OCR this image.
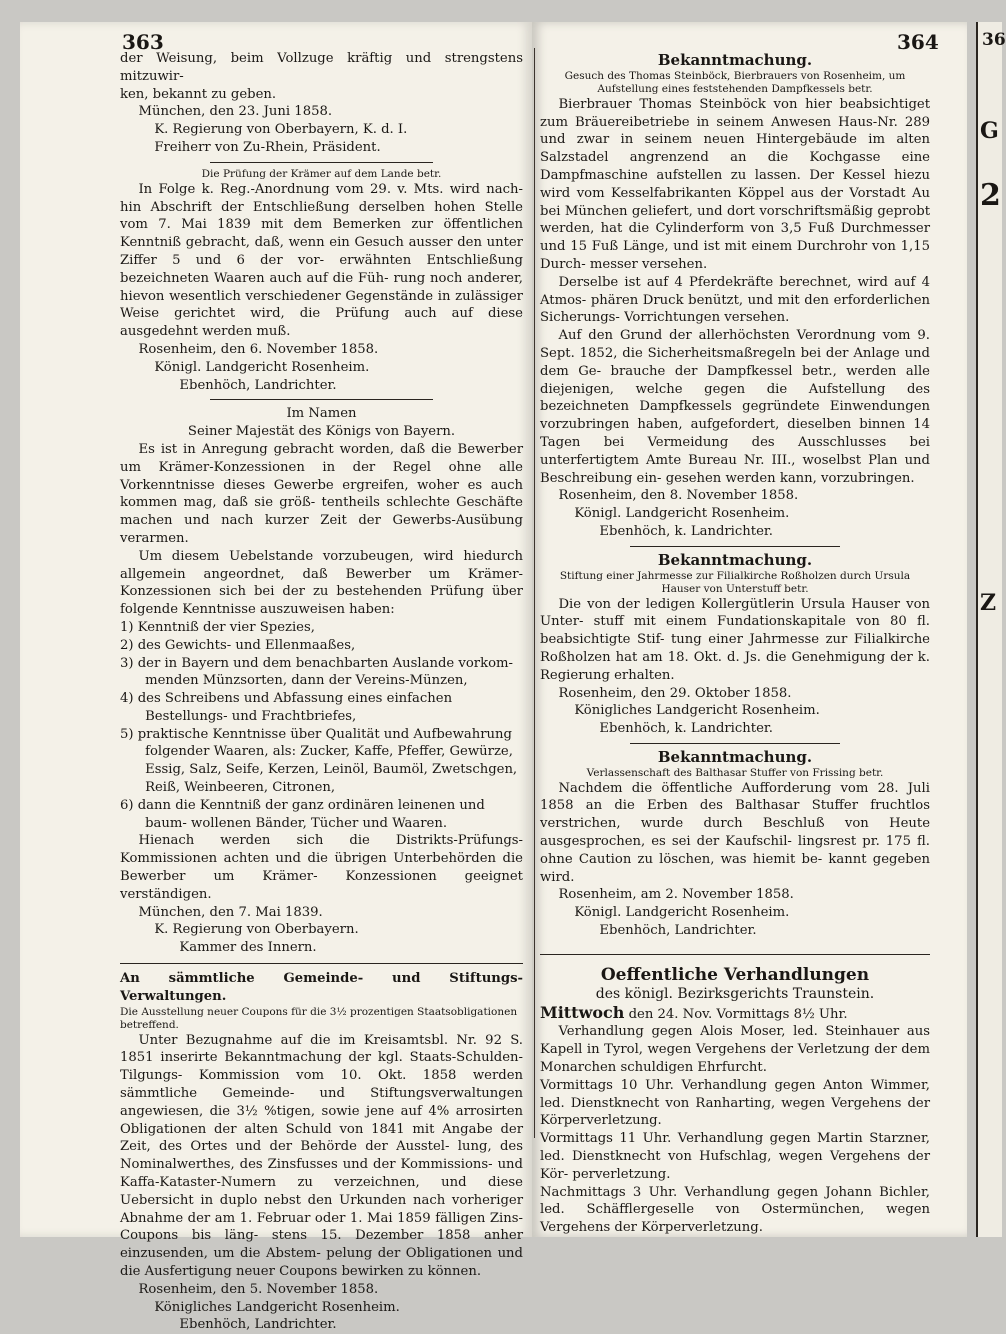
363	364	36
G
2
Z

der Weisung, beim Vollzuge kräftig und strengstens mitzuwir-

ken, bekannt zu geben.

München, den 23. Juni 1858.

K. Regierung von Oberbayern, K. d. I.

Freiherr von Zu-Rhein, Präsident.

Die Prüfung der Krämer auf dem Lande betr.

In Folge k. Reg.-Anordnung vom 29. v. Mts. wird nach- hin Abschrift der Entschließung derselben hohen Stelle vom 7. Mai 1839 mit dem Bemerken zur öffentlichen Kenntniß gebracht, daß, wenn ein Gesuch ausser den unter Ziffer 5 und 6 der vor- erwähnten Entschließung bezeichneten Waaren auch auf die Füh- rung noch anderer, hievon wesentlich verschiedener Gegenstände in zulässiger Weise gerichtet wird, die Prüfung auch auf diese ausgedehnt werden muß.

Rosenheim, den 6. November 1858.

Königl. Landgericht Rosenheim.

Ebenhöch, Landrichter.

Im Namen

Seiner Majestät des Königs von Bayern.

Es ist in Anregung gebracht worden, daß die Bewerber um Krämer-Konzessionen in der Regel ohne alle Vorkenntnisse dieses Gewerbe ergreifen, woher es auch kommen mag, daß sie größ- tentheils schlechte Geschäfte machen und nach kurzer Zeit der Gewerbs-Ausübung verarmen.

Um diesem Uebelstande vorzubeugen, wird hiedurch allgemein angeordnet, daß Bewerber um Krämer-Konzessionen sich bei der zu bestehenden Prüfung über folgende Kenntnisse auszuweisen haben:

1) Kenntniß der vier Spezies,

2) des Gewichts- und Ellenmaaßes,

3) der in Bayern und dem benachbarten Auslande vorkom- menden Münzsorten, dann der Vereins-Münzen,

4) des Schreibens und Abfassung eines einfachen Bestellungs- und Frachtbriefes,

5) praktische Kenntnisse über Qualität und Aufbewahrung folgender Waaren, als: Zucker, Kaffe, Pfeffer, Gewürze, Essig, Salz, Seife, Kerzen, Leinöl, Baumöl, Zwetschgen, Reiß, Weinbeeren, Citronen,

6) dann die Kenntniß der ganz ordinären leinenen und baum- wollenen Bänder, Tücher und Waaren.

Hienach werden sich die Distrikts-Prüfungs-Kommissionen achten und die übrigen Unterbehörden die Bewerber um Krämer- Konzessionen geeignet verständigen.

München, den 7. Mai 1839.

K. Regierung von Oberbayern.

Kammer des Innern.

An sämmtliche Gemeinde- und Stiftungs-Verwaltungen.

Die Ausstellung neuer Coupons für die 3½ prozentigen Staatsobligationen betreffend.

Unter Bezugnahme auf die im Kreisamtsbl. Nr. 92 S. 1851 inserirte Bekanntmachung der kgl. Staats-Schulden-Tilgungs- Kommission vom 10. Okt. 1858 werden sämmtliche Gemeinde- und Stiftungsverwaltungen angewiesen, die 3½ %tigen, sowie jene auf 4% arrosirten Obligationen der alten Schuld von 1841 mit Angabe der Zeit, des Ortes und der Behörde der Ausstel- lung, des Nominalwerthes, des Zinsfusses und der Kommissions- und Kaffa-Kataster-Numern zu verzeichnen, und diese Uebersicht in duplo nebst den Urkunden nach vorheriger Abnahme der am 1. Februar oder 1. Mai 1859 fälligen Zins-Coupons bis läng- stens 15. Dezember 1858 anher einzusenden, um die Abstem- pelung der Obligationen und die Ausfertigung neuer Coupons bewirken zu können.

Rosenheim, den 5. November 1858.

Königliches Landgericht Rosenheim.

Ebenhöch, Landrichter.

Bekanntmachung.

Gesuch des Thomas Steinböck, Bierbrauers von Rosenheim, um Aufstellung eines feststehenden Dampfkessels betr.

Bierbrauer Thomas Steinböck von hier beabsichtiget zum Bräuereibetriebe in seinem Anwesen Haus-Nr. 289 und zwar in seinem neuen Hintergebäude im alten Salzstadel angrenzend an die Kochgasse eine Dampfmaschine aufstellen zu lassen. Der Kessel hiezu wird vom Kesselfabrikanten Köppel aus der Vorstadt Au bei München geliefert, und dort vorschriftsmäßig geprobt werden, hat die Cylinderform von 3,5 Fuß Durchmesser und 15 Fuß Länge, und ist mit einem Durchrohr von 1,15 Durch- messer versehen.

Derselbe ist auf 4 Pferdekräfte berechnet, wird auf 4 Atmos- phären Druck benützt, und mit den erforderlichen Sicherungs- Vorrichtungen versehen.

Auf den Grund der allerhöchsten Verordnung vom 9. Sept. 1852, die Sicherheitsmaßregeln bei der Anlage und dem Ge- brauche der Dampfkessel betr., werden alle diejenigen, welche gegen die Aufstellung des bezeichneten Dampfkessels gegründete Einwendungen vorzubringen haben, aufgefordert, dieselben binnen 14 Tagen bei Vermeidung des Ausschlusses bei unterfertigtem Amte Bureau Nr. III., woselbst Plan und Beschreibung ein- gesehen werden kann, vorzubringen.

Rosenheim, den 8. November 1858.

Königl. Landgericht Rosenheim.

Ebenhöch, k. Landrichter.

Bekanntmachung.

Stiftung einer Jahrmesse zur Filialkirche Roßholzen durch Ursula Hauser von Unterstuff betr.

Die von der ledigen Kollergütlerin Ursula Hauser von Unter- stuff mit einem Fundationskapitale von 80 fl. beabsichtigte Stif- tung einer Jahrmesse zur Filialkirche Roßholzen hat am 18. Okt. d. Js. die Genehmigung der k. Regierung erhalten.

Rosenheim, den 29. Oktober 1858.

Königliches Landgericht Rosenheim.

Ebenhöch, k. Landrichter.

Bekanntmachung.

Verlassenschaft des Balthasar Stuffer von Frissing betr.

Nachdem die öffentliche Aufforderung vom 28. Juli 1858 an die Erben des Balthasar Stuffer fruchtlos verstrichen, wurde durch Beschluß von Heute ausgesprochen, es sei der Kaufschil- lingsrest pr. 175 fl. ohne Caution zu löschen, was hiemit be- kannt gegeben wird.

Rosenheim, am 2. November 1858.

Königl. Landgericht Rosenheim.

Ebenhöch, Landrichter.

Oeffentliche Verhandlungen

des königl. Bezirksgerichts Traunstein.

Mittwoch den 24. Nov. Vormittags 8½ Uhr.

Verhandlung gegen Alois Moser, led. Steinhauer aus Kapell in Tyrol, wegen Vergehens der Verletzung der dem Monarchen schuldigen Ehrfurcht.

Vormittags 10 Uhr. Verhandlung gegen Anton Wimmer, led. Dienstknecht von Ranharting, wegen Vergehens der Körperverletzung.

Vormittags 11 Uhr. Verhandlung gegen Martin Starzner, led. Dienstknecht von Hufschlag, wegen Vergehens der Kör- perverletzung.

Nachmittags 3 Uhr. Verhandlung gegen Johann Bichler, led. Schäfflergeselle von Ostermünchen, wegen Vergehens der Körperverletzung.
